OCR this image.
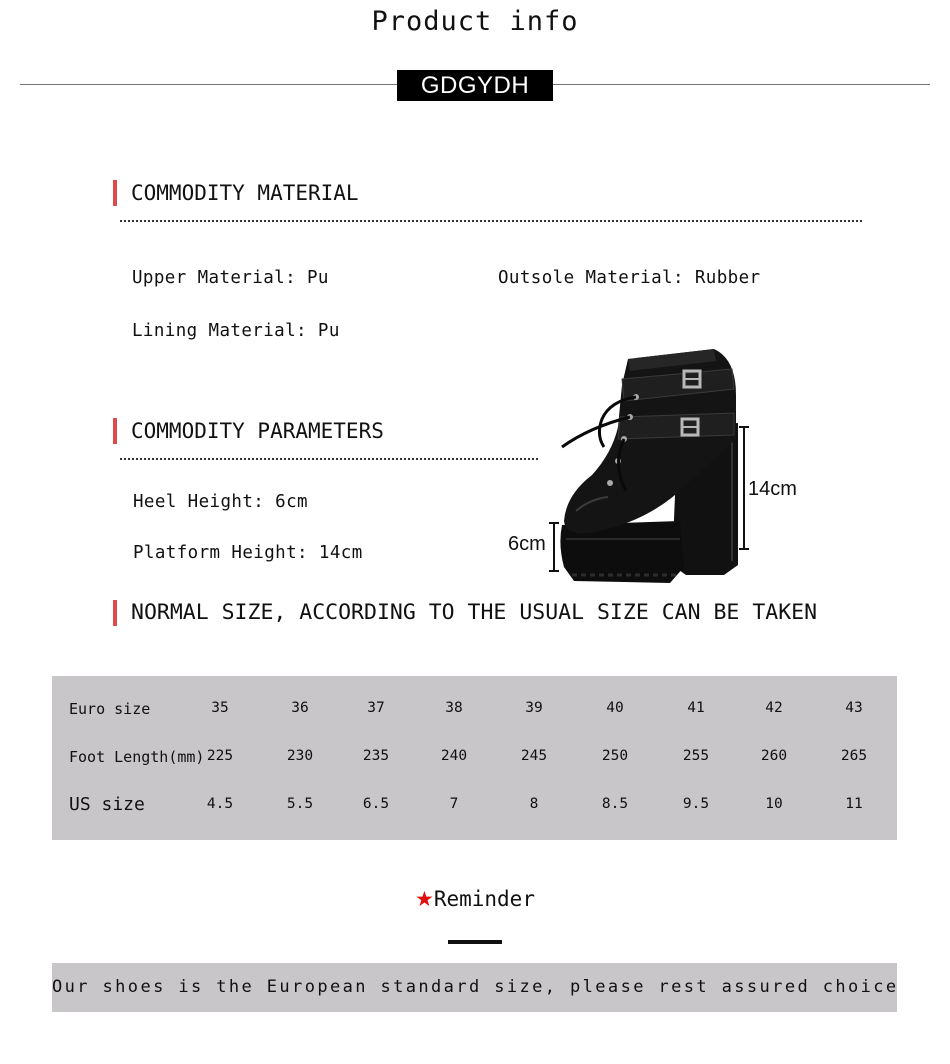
Product info
GDGYDH
COMMODITY MATERIAL
Upper Material: Pu	Outsole Material: Rubber
Lining Material: Pu
COMMODITY PARAMETERS
Heel Height: 6cm
Platform Height: 14cm
14cm
6cm
NORMAL SIZE, ACCORDING TO THE USUAL SIZE CAN BE TAKEN
Euro size	35	36	37	38	39	40	41	42	43
Foot Length(mm) 225	230	235	240	245	250	255	260	265
US size	4.5	5.5	6.5	7	8	8.5	9.5	10	11
★Reminder
Our shoes is the European standard size, please rest assured choice
